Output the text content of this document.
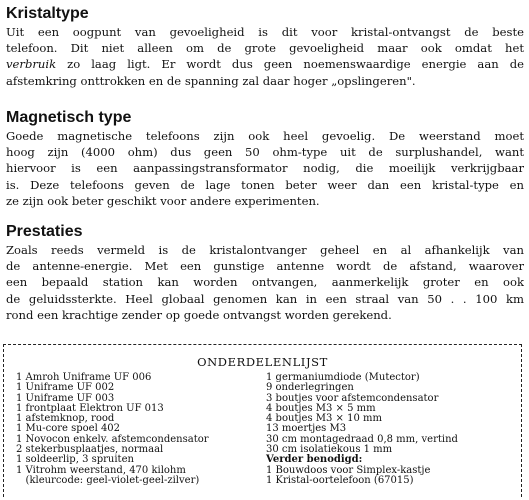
Kristaltype
Uit een oogpunt van gevoeligheid is dit voor kristal-ontvangst de beste
telefoon. Dit niet alleen om de grote gevoeligheid maar ook omdat het
verbruik zo laag ligt. Er wordt dus geen noemenswaardige energie aan de
afstemkring onttrokken en de spanning zal daar hoger „opslingeren".
Magnetisch type
Goede magnetische telefoons zijn ook heel gevoelig. De weerstand moet
hoog zijn (4000 ohm) dus geen 50 ohm-type uit de surplushandel, want
hiervoor is een aanpassingstransformator nodig, die moeilijk verkrijgbaar
is. Deze telefoons geven de lage tonen beter weer dan een kristal-type en
ze zijn ook beter geschikt voor andere experimenten.
Prestaties
Zoals reeds vermeld is de kristalontvanger geheel en al afhankelijk van
de antenne-energie. Met een gunstige antenne wordt de afstand, waarover
een bepaald station kan worden ontvangen, aanmerkelijk groter en ook
de geluidssterkte. Heel globaal genomen kan in een straal van 50 . . 100 km
rond een krachtige zender op goede ontvangst worden gerekend.
ONDERDELENLIJST
1 Amroh Uniframe UF 006
1 Uniframe UF 002
1 Uniframe UF 003
1 frontplaat Elektron UF 013
1 afstemknop, rood
1 Mu-core spoel 402
1 Novocon enkelv. afstemcondensator
2 stekerbusplaatjes, normaal
1 soldeerlip, 3 spruiten
1 Vitrohm weerstand, 470 kilohm
(kleurcode: geel-violet-geel-zilver)
1 germaniumdiode (Mutector)
9 onderlegringen
3 boutjes voor afstemcondensator
4 boutjes M3 × 5 mm
4 boutjes M3 × 10 mm
13 moertjes M3
30 cm montagedraad 0,8 mm, vertind
30 cm isolatiekous 1 mm
Verder benodigd:
1 Bouwdoos voor Simplex-kastje
1 Kristal-oortelefoon (67015)
